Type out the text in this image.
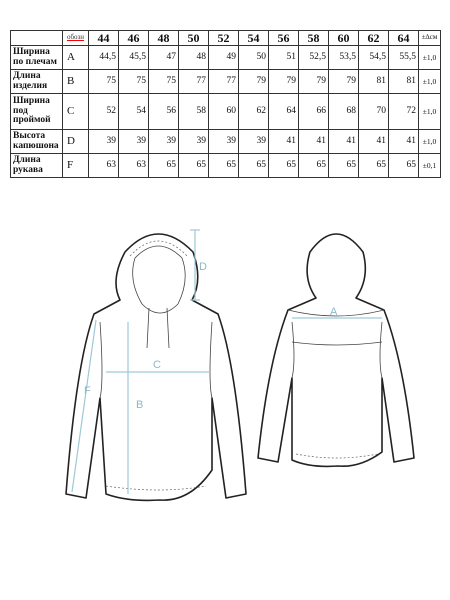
	обозн	44	46	48	50	52	54	56	58	60	62	64	±∆см
Ширина по плечам	A	44,5	45,5	47	48	49	50	51	52,5	53,5	54,5	55,5	±1,0
Длина изделия	B	75	75	75	77	77	79	79	79	79	81	81	±1,0
Ширина под проймой	C	52	54	56	58	60	62	64	66	68	70	72	±1,0
Высота капюшона	D	39	39	39	39	39	39	41	41	41	41	41	±1,0
Длина рукава	F	63	63	65	65	65	65	65	65	65	65	65	±0,1
D
C
B
F
A
